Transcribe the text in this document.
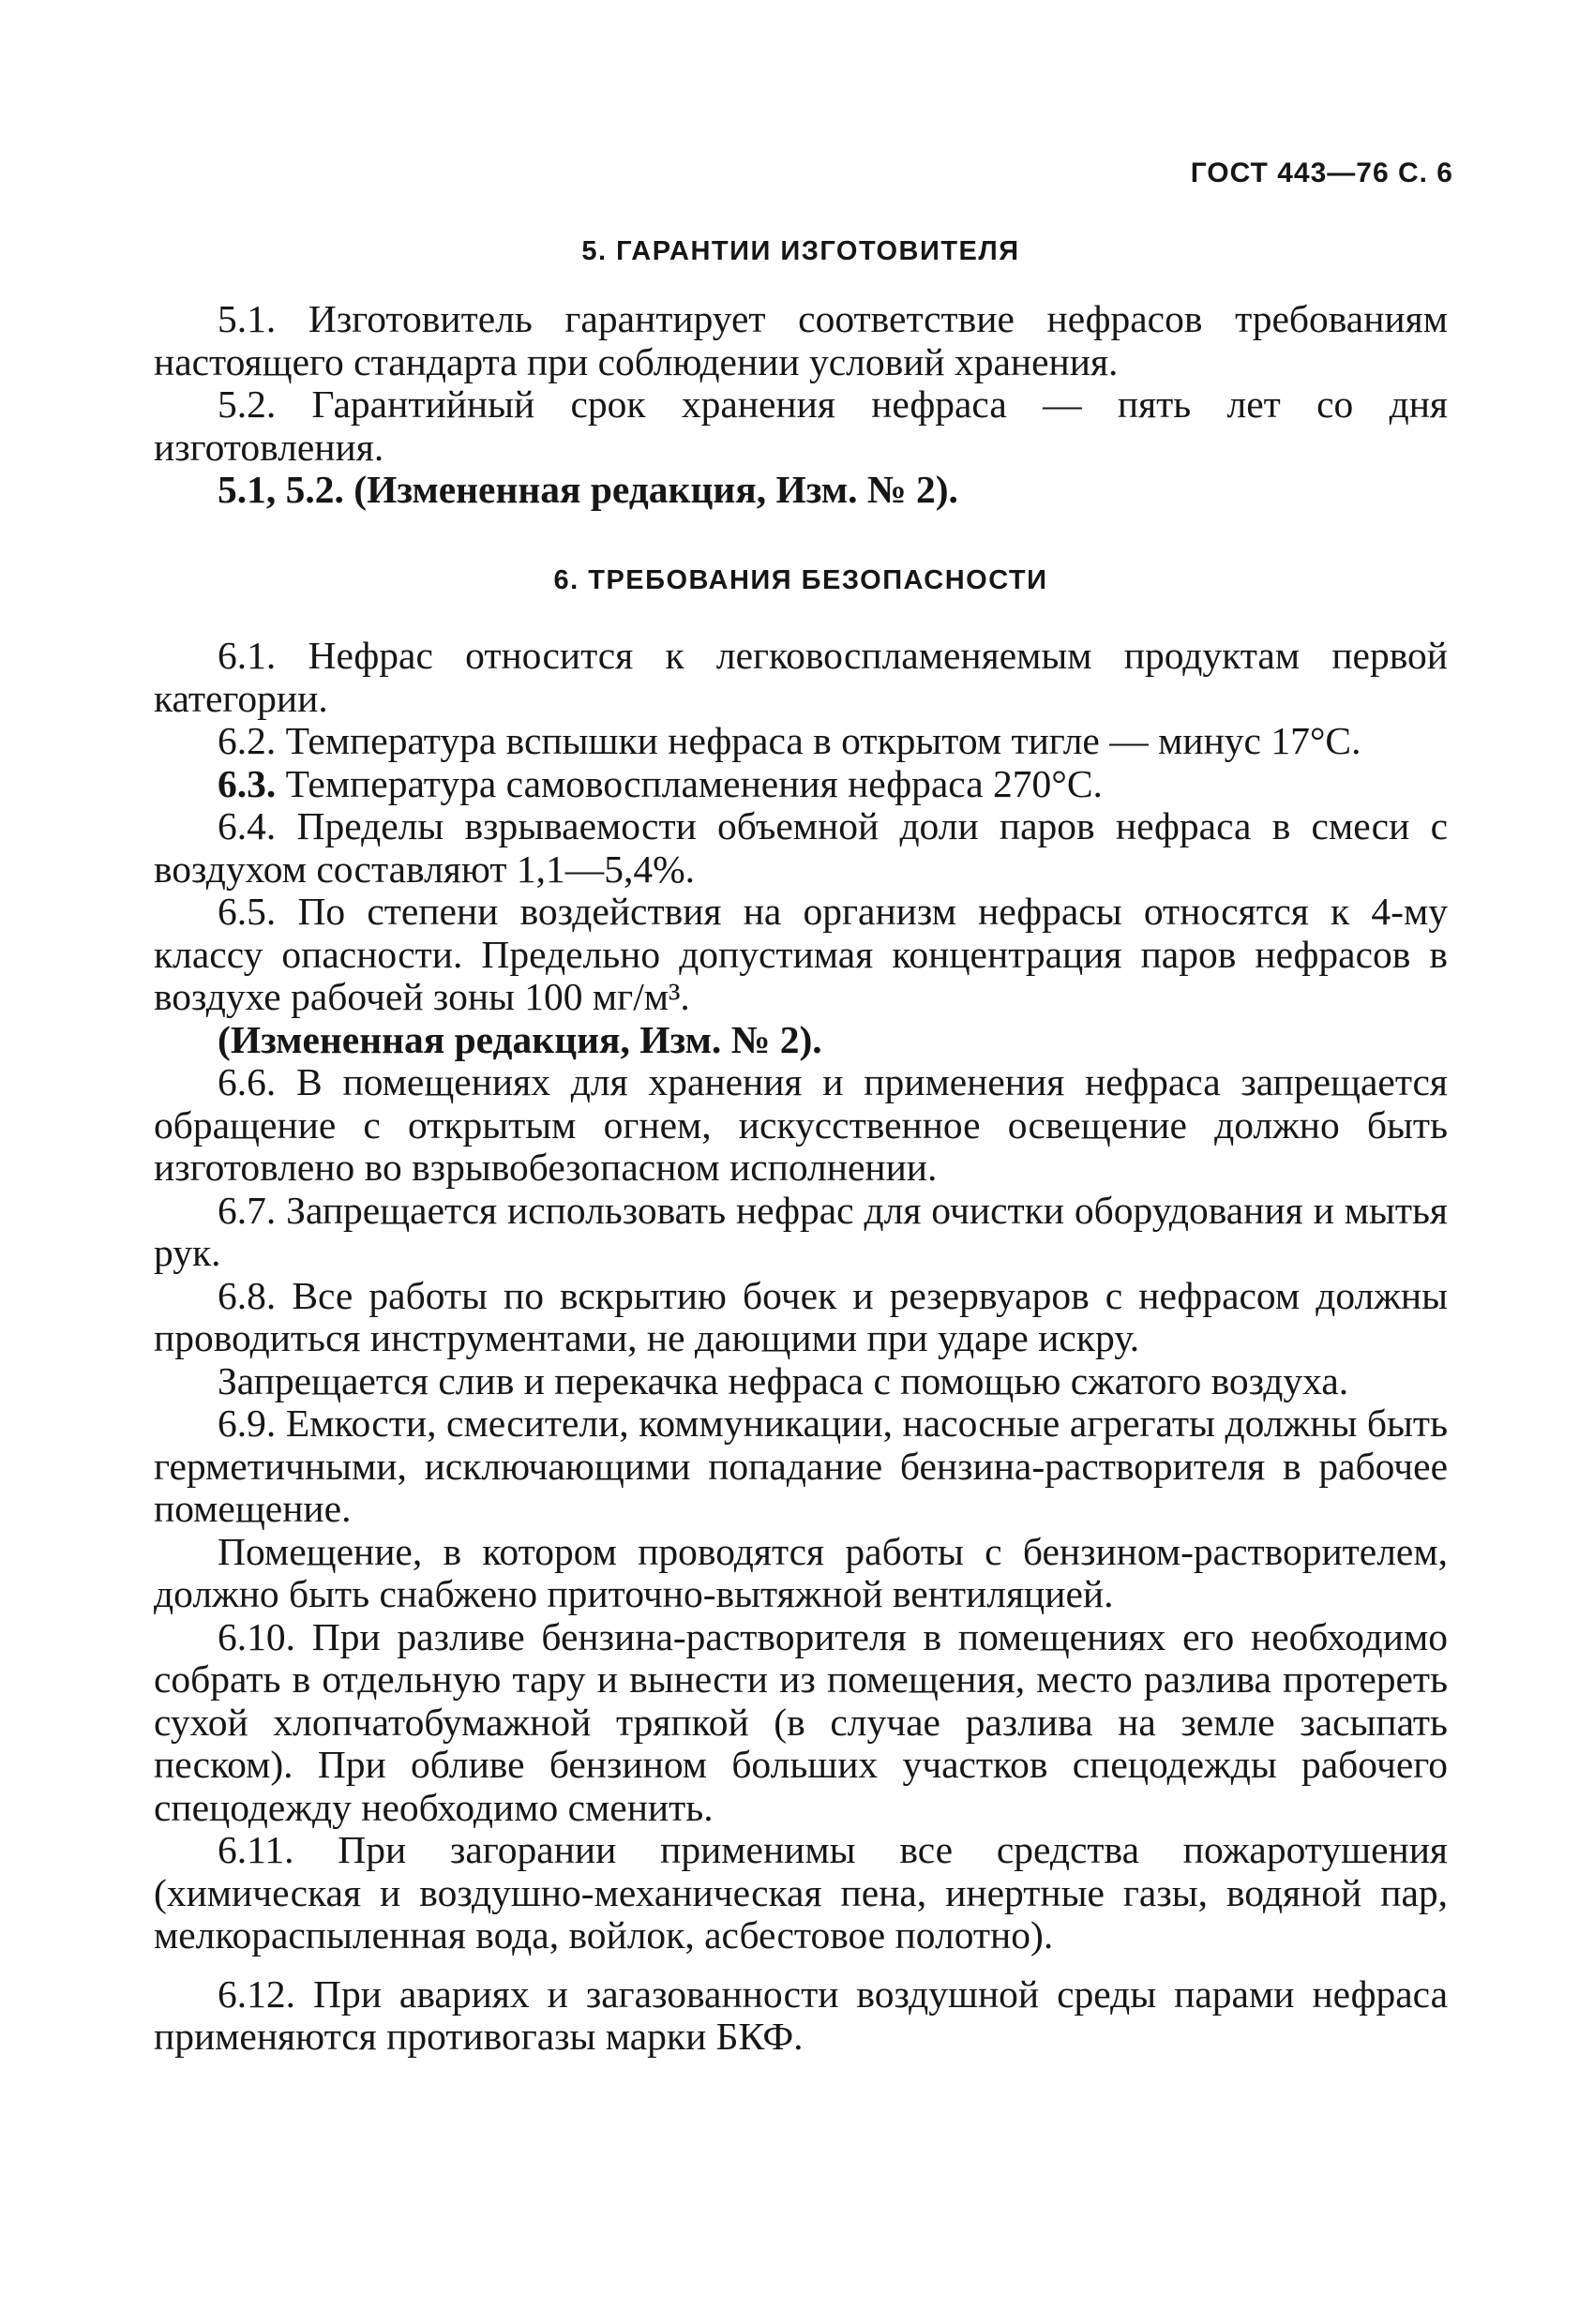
ГОСТ 443—76 С. 6
5. ГАРАНТИИ ИЗГОТОВИТЕЛЯ

5.1. Изготовитель гарантирует соответствие нефрасов требованиям настоящего стандарта при соблюдении условий хранения.

5.2. Гарантийный срок хранения нефраса — пять лет со дня изготовления.

5.1, 5.2. (Измененная редакция, Изм. № 2).

6. ТРЕБОВАНИЯ БЕЗОПАСНОСТИ

6.1. Нефрас относится к легковоспламеняемым продуктам первой категории.

6.2. Температура вспышки нефраса в открытом тигле — минус 17°С.

6.3. Температура самовоспламенения нефраса 270°С.

6.4. Пределы взрываемости объемной доли паров нефраса в смеси с воздухом составляют 1,1—5,4%.

6.5. По степени воздействия на организм нефрасы относятся к 4-му классу опасности. Предельно допустимая концентрация паров нефрасов в воздухе рабочей зоны 100 мг/м³.

(Измененная редакция, Изм. № 2).

6.6. В помещениях для хранения и применения нефраса запрещается обращение с открытым огнем, искусственное освещение должно быть изготовлено во взрывобезопасном исполнении.

6.7. Запрещается использовать нефрас для очистки оборудования и мытья рук.

6.8. Все работы по вскрытию бочек и резервуаров с нефрасом должны проводиться инструментами, не дающими при ударе искру.

Запрещается слив и перекачка нефраса с помощью сжатого воздуха.

6.9. Емкости, смесители, коммуникации, насосные агрегаты должны быть герметичными, исключающими попадание бензина-растворителя в рабочее помещение.

Помещение, в котором проводятся работы с бензином-растворителем, должно быть снабжено приточно-вытяжной вентиляцией.

6.10. При разливе бензина-растворителя в помещениях его необходимо собрать в отдельную тару и вынести из помещения, место разлива протереть сухой хлопчатобумажной тряпкой (в случае разлива на земле засыпать песком). При обливе бензином больших участков спецодежды рабочего спецодежду необходимо сменить.

6.11. При загорании применимы все средства пожаротушения (химическая и воздушно-механическая пена, инертные газы, водяной пар, мелкораспыленная вода, войлок, асбестовое полотно).

6.12. При авариях и загазованности воздушной среды парами нефраса применяются противогазы марки БКФ.
